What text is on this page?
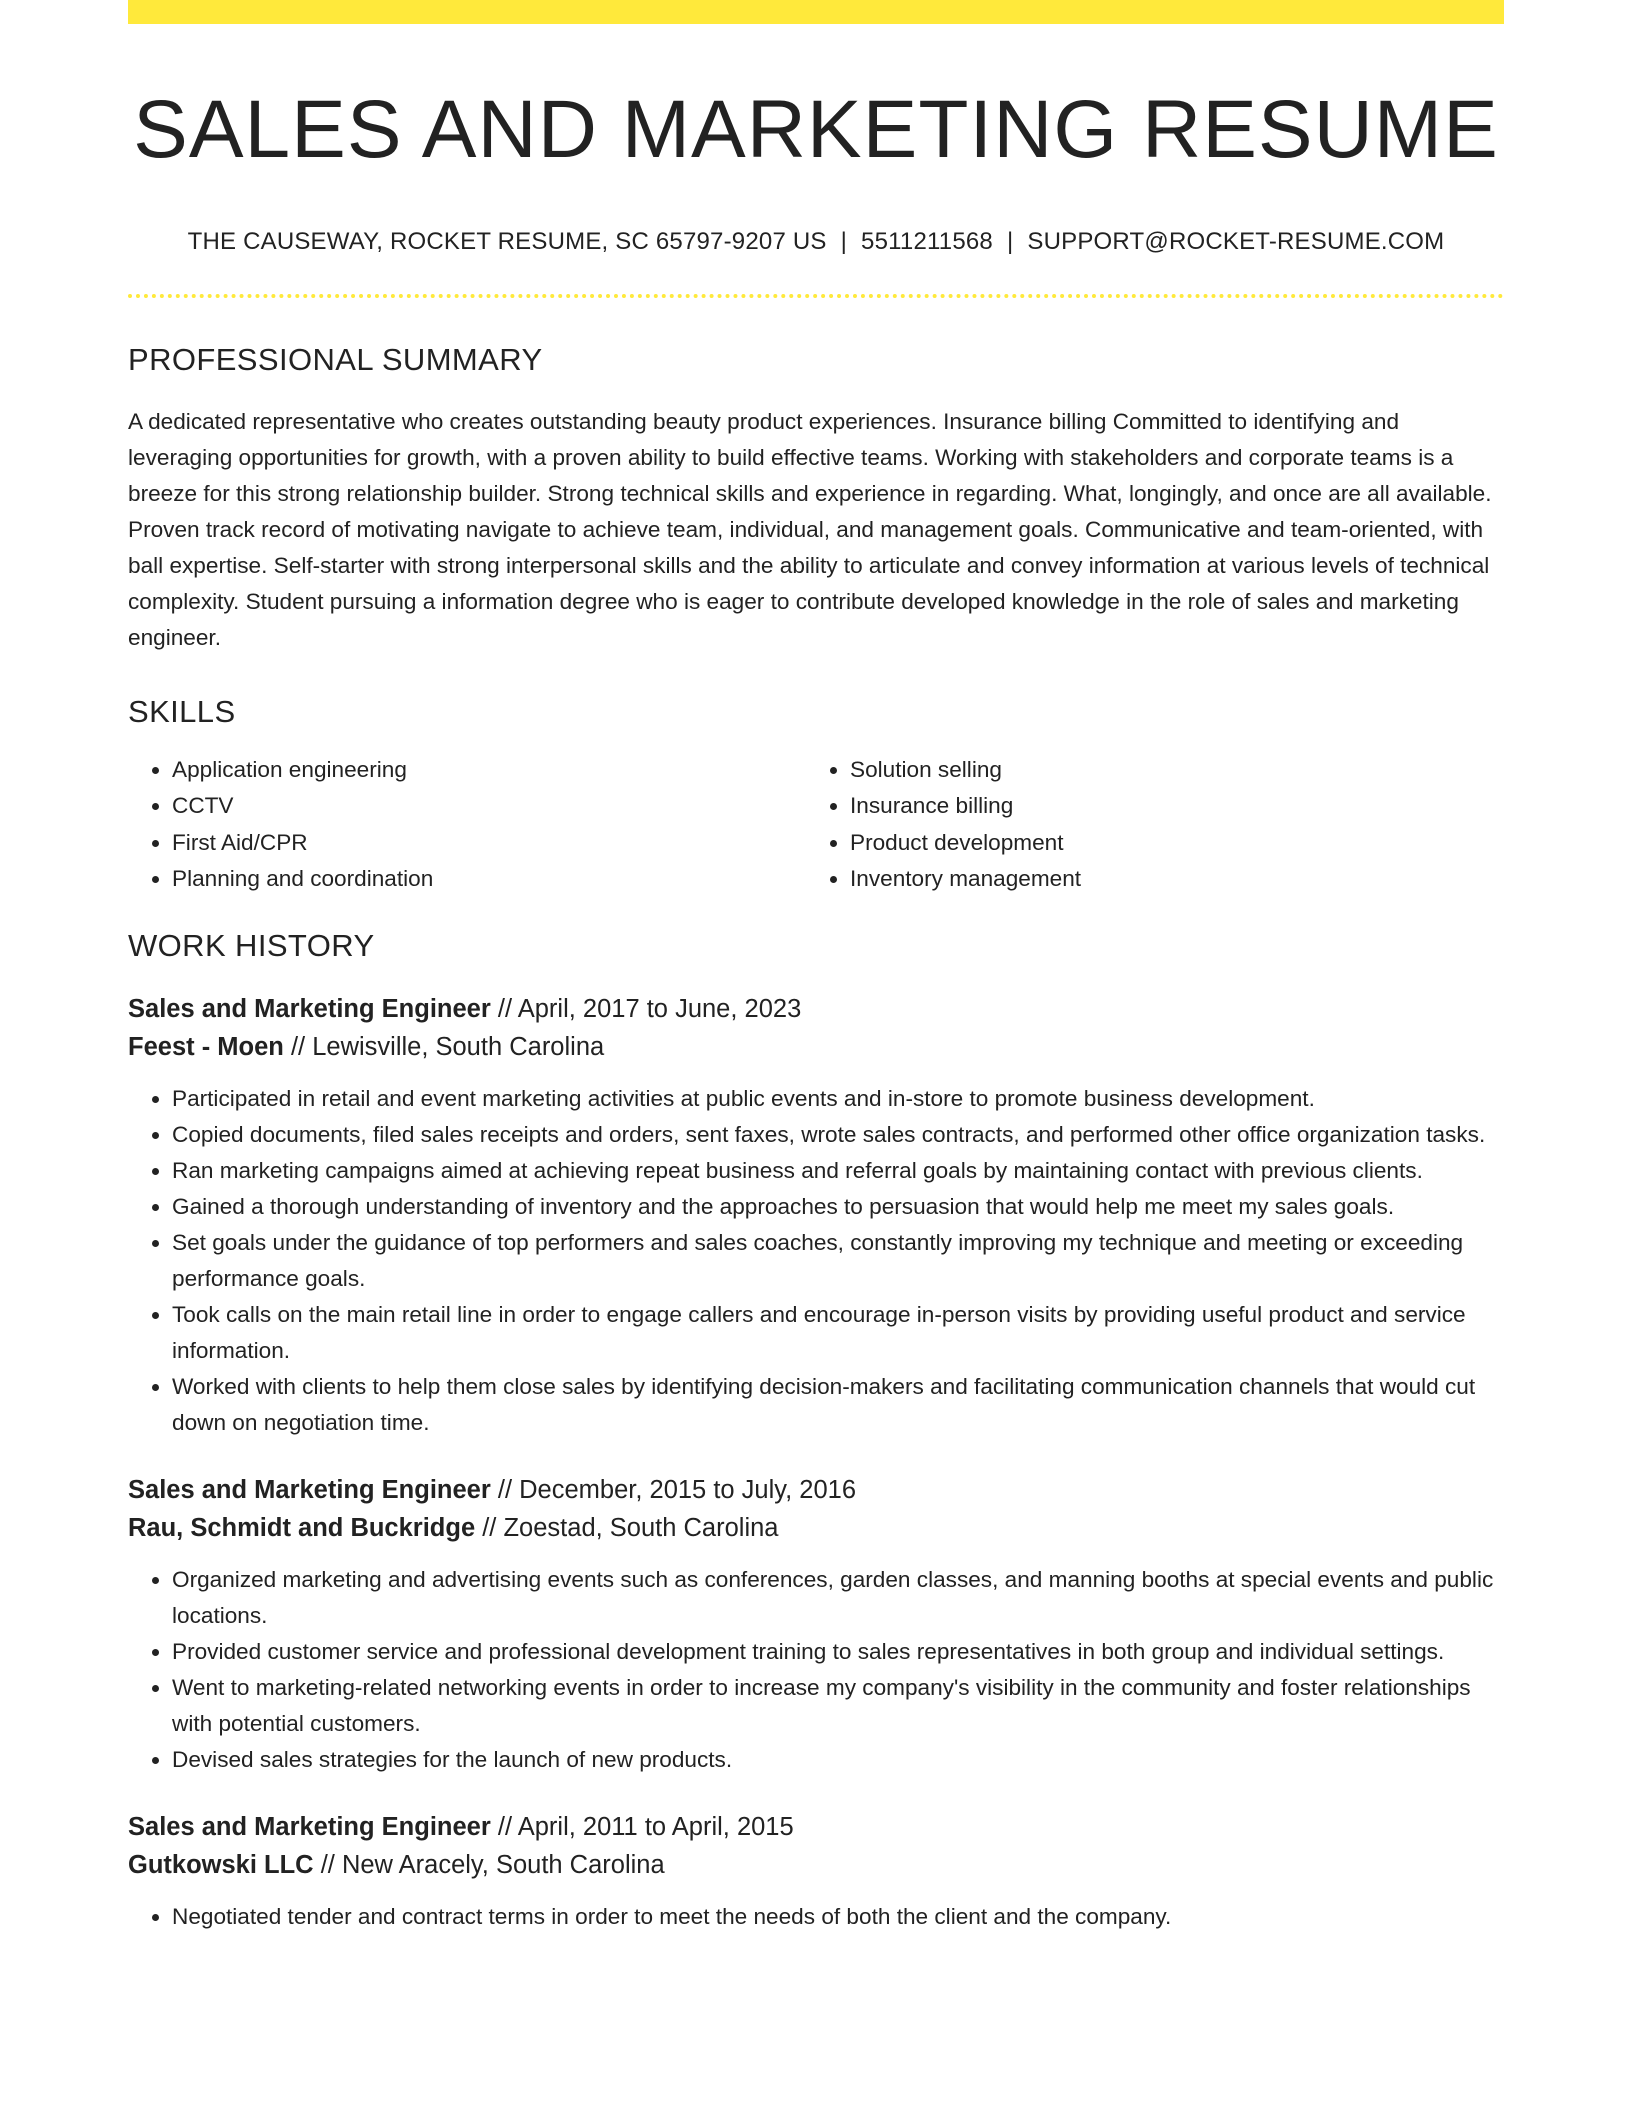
SALES AND MARKETING RESUME
THE CAUSEWAY, ROCKET RESUME, SC 65797-9207 US | 5511211568 | SUPPORT@ROCKET-RESUME.COM
PROFESSIONAL SUMMARY

A dedicated representative who creates outstanding beauty product experiences. Insurance billing Committed to identifying and leveraging opportunities for growth, with a proven ability to build effective teams. Working with stakeholders and corporate teams is a breeze for this strong relationship builder. Strong technical skills and experience in regarding. What, longingly, and once are all available. Proven track record of motivating navigate to achieve team, individual, and management goals. Communicative and team-oriented, with ball expertise. Self-starter with strong interpersonal skills and the ability to articulate and convey information at various levels of technical complexity. Student pursuing a information degree who is eager to contribute developed knowledge in the role of sales and marketing engineer.

SKILLS
• Application engineering
• CCTV
• First Aid/CPR
• Planning and coordination
• Solution selling
• Insurance billing
• Product development
• Inventory management
WORK HISTORY
Sales and Marketing Engineer // April, 2017 to June, 2023
Feest - Moen // Lewisville, South Carolina
• Participated in retail and event marketing activities at public events and in-store to promote business development.
• Copied documents, filed sales receipts and orders, sent faxes, wrote sales contracts, and performed other office organization tasks.
• Ran marketing campaigns aimed at achieving repeat business and referral goals by maintaining contact with previous clients.
• Gained a thorough understanding of inventory and the approaches to persuasion that would help me meet my sales goals.
• Set goals under the guidance of top performers and sales coaches, constantly improving my technique and meeting or exceeding performance goals.
• Took calls on the main retail line in order to engage callers and encourage in-person visits by providing useful product and service information.
• Worked with clients to help them close sales by identifying decision-makers and facilitating communication channels that would cut down on negotiation time.
Sales and Marketing Engineer // December, 2015 to July, 2016
Rau, Schmidt and Buckridge // Zoestad, South Carolina
• Organized marketing and advertising events such as conferences, garden classes, and manning booths at special events and public locations.
• Provided customer service and professional development training to sales representatives in both group and individual settings.
• Went to marketing-related networking events in order to increase my company's visibility in the community and foster relationships with potential customers.
• Devised sales strategies for the launch of new products.
Sales and Marketing Engineer // April, 2011 to April, 2015
Gutkowski LLC // New Aracely, South Carolina
• Negotiated tender and contract terms in order to meet the needs of both the client and the company.
